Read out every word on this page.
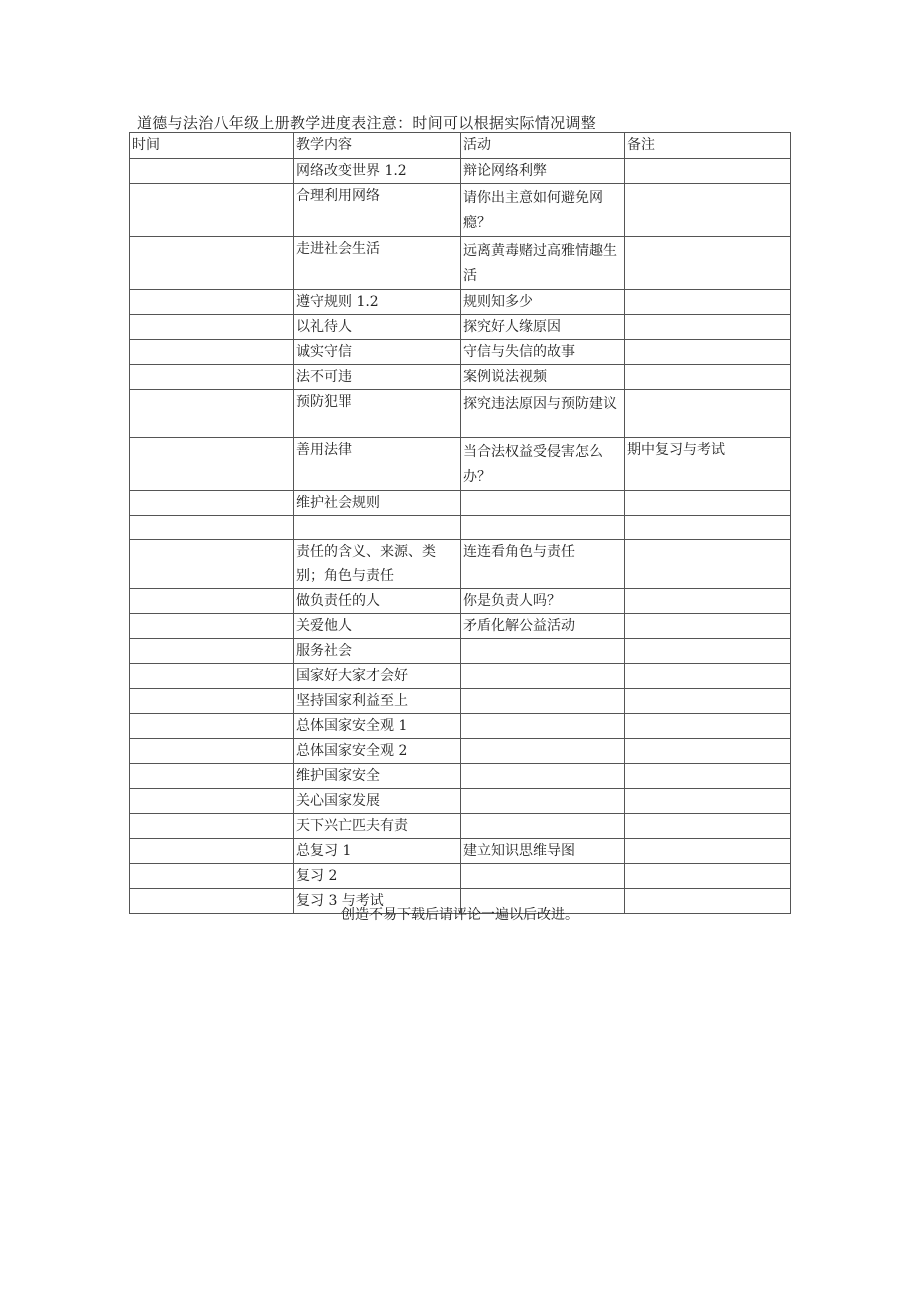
道德与法治八年级上册教学进度表注意：时间可以根据实际情况调整
时间	教学内容	活动	备注
	网络改变世界 1.2	辩论网络利弊	
	合理利用网络	请你出主意如何避免网瘾？	
	走进社会生活	远离黄毒赌过高雅情趣生活	
	遵守规则 1.2	规则知多少	
	以礼待人	探究好人缘原因	
	诚实守信	守信与失信的故事	
	法不可违	案例说法视频	
	预防犯罪	探究违法原因与预防建议	
	善用法律	当合法权益受侵害怎么办？	期中复习与考试
	维护社会规则		

	责任的含义、来源、类别；角色与责任	连连看角色与责任	
	做负责任的人	你是负责人吗？	
	关爱他人	矛盾化解公益活动	
	服务社会		
	国家好大家才会好		
	坚持国家利益至上		
	总体国家安全观 1		
	总体国家安全观 2		
	维护国家安全		
	关心国家发展		
	天下兴亡匹夫有责		
	总复习 1	建立知识思维导图	
	复习 2		
	复习 3 与考试		
创造不易下载后请评论一遍以后改进。
